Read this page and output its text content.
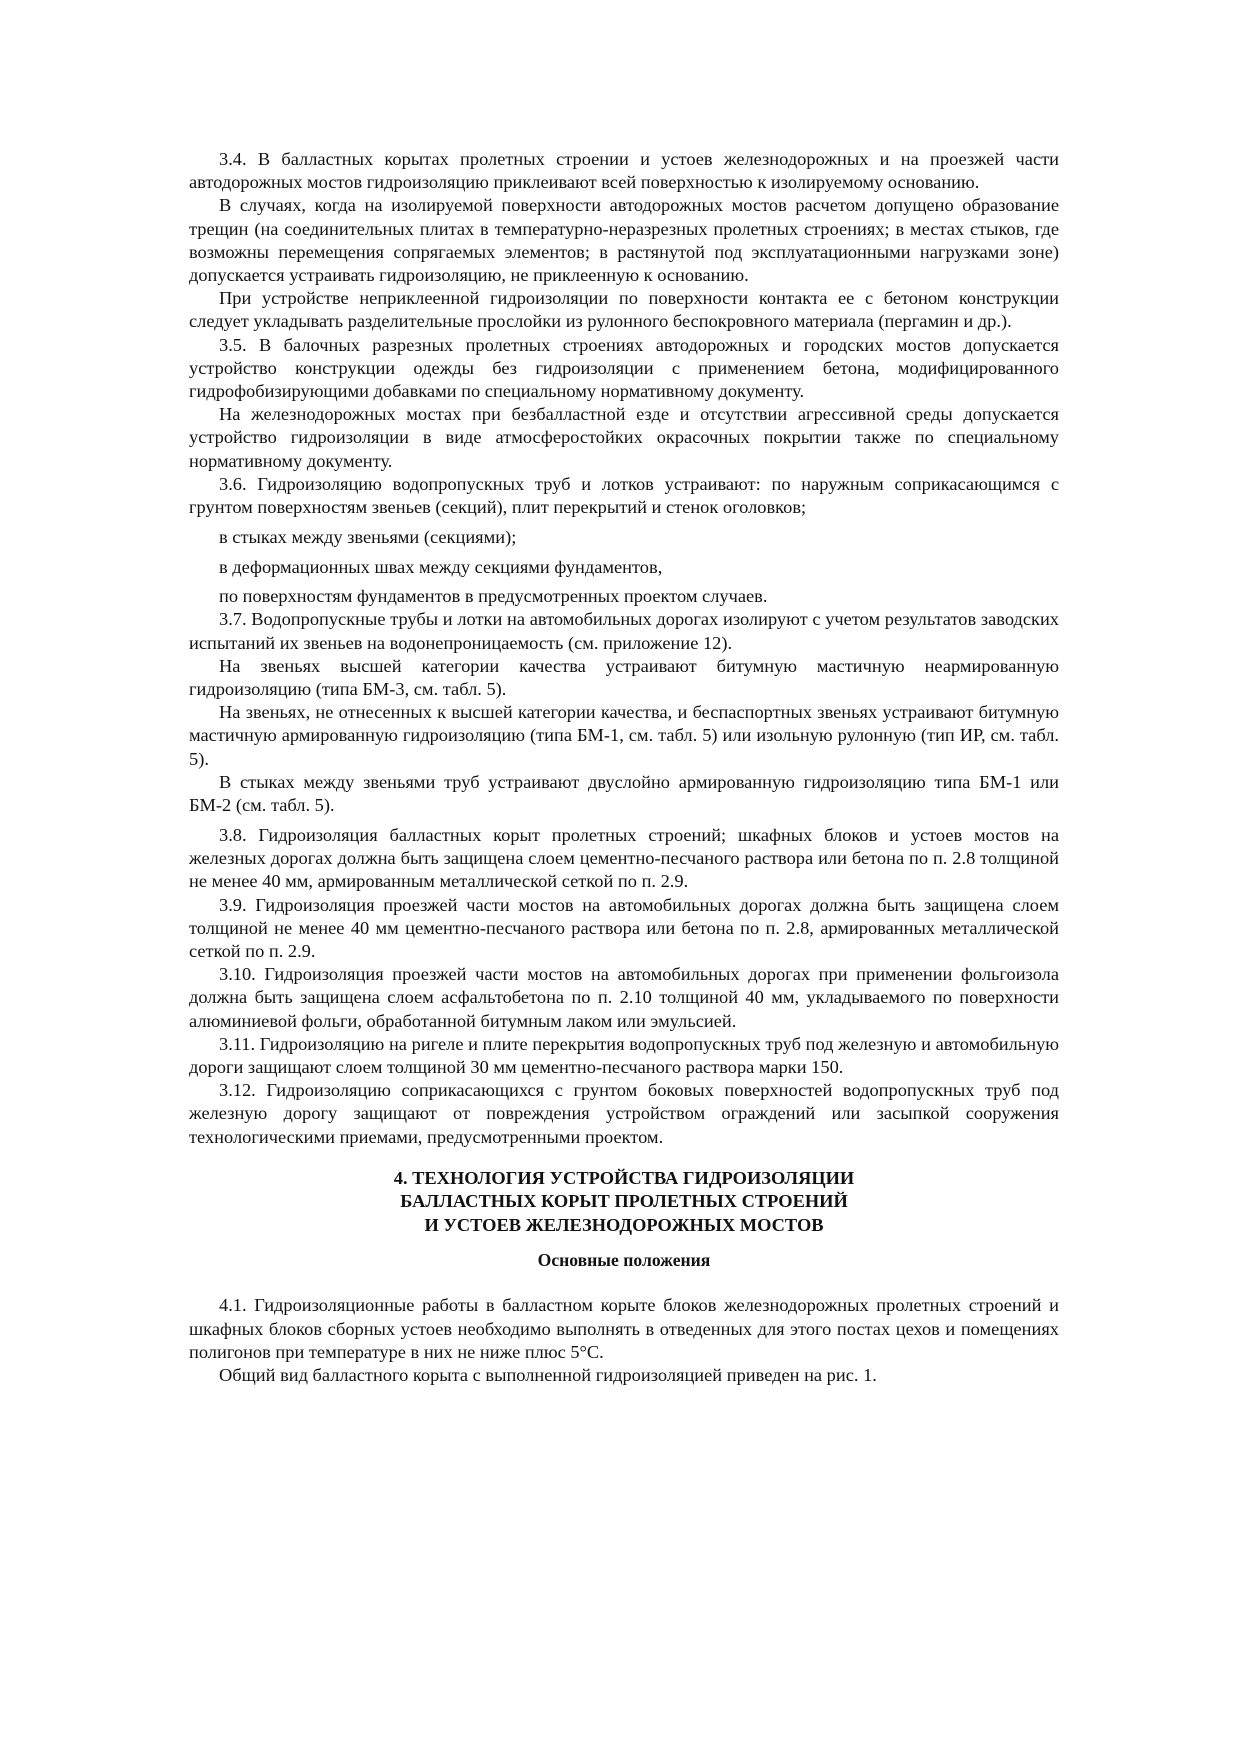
3.4. В балластных корытах пролетных строении и устоев железнодорожных и на проезжей части автодорожных мостов гидроизоляцию приклеивают всей поверхностью к изолируемому основанию.

В случаях, когда на изолируемой поверхности автодорожных мостов расчетом допущено образование трещин (на соединительных плитах в температурно-неразрезных пролетных строениях; в местах стыков, где возможны перемещения сопрягаемых элементов; в растянутой под эксплуатационными нагрузками зоне) допускается устраивать гидроизоляцию, не приклеенную к основанию.

При устройстве неприклеенной гидроизоляции по поверхности контакта ее с бетоном конструкции следует укладывать разделительные прослойки из рулонного беспокровного материала (пергамин и др.).

3.5. В балочных разрезных пролетных строениях автодорожных и городских мостов допускается устройство конструкции одежды без гидроизоляции с применением бетона, модифицированного гидрофобизирующими добавками по специальному нормативному документу.

На железнодорожных мостах при безбалластной езде и отсутствии агрессивной среды допускается устройство гидроизоляции в виде атмосферостойких окрасочных покрытии также по специальному нормативному документу.

3.6. Гидроизоляцию водопропускных труб и лотков устраивают: по наружным соприкасающимся с грунтом поверхностям звеньев (секций), плит перекрытий и стенок оголовков;

в стыках между звеньями (секциями);

в деформационных швах между секциями фундаментов,

по поверхностям фундаментов в предусмотренных проектом случаев.

3.7. Водопропускные трубы и лотки на автомобильных дорогах изолируют с учетом результатов заводских испытаний их звеньев на водонепроницаемость (см. приложение 12).

На звеньях высшей категории качества устраивают битумную мастичную неармированную гидроизоляцию (типа БМ-3, см. табл. 5).

На звеньях, не отнесенных к высшей категории качества, и беспаспортных звеньях устраивают битумную мастичную армированную гидроизоляцию (типа БМ-1, см. табл. 5) или изольную рулонную (тип ИР, см. табл. 5).

В стыках между звеньями труб устраивают двуслойно армированную гидроизоляцию типа БМ-1 или БМ-2 (см. табл. 5).

3.8. Гидроизоляция балластных корыт пролетных строений; шкафных блоков и устоев мостов на железных дорогах должна быть защищена слоем цементно-песчаного раствора или бетона по п. 2.8 толщиной не менее 40 мм, армированным металлической сеткой по п. 2.9.

3.9. Гидроизоляция проезжей части мостов на автомобильных дорогах должна быть защищена слоем толщиной не менее 40 мм цементно-песчаного раствора или бетона по п. 2.8, армированных металлической сеткой по п. 2.9.

3.10. Гидроизоляция проезжей части мостов на автомобильных дорогах при применении фольгоизола должна быть защищена слоем асфальтобетона по п. 2.10 толщиной 40 мм, укладываемого по поверхности алюминиевой фольги, обработанной битумным лаком или эмульсией.

3.11. Гидроизоляцию на ригеле и плите перекрытия водопропускных труб под железную и автомобильную дороги защищают слоем толщиной 30 мм цементно-песчаного раствора марки 150.

3.12. Гидроизоляцию соприкасающихся с грунтом боковых поверхностей водопропускных труб под железную дорогу защищают от повреждения устройством ограждений или засыпкой сооружения технологическими приемами, предусмотренными проектом.

4. ТЕХНОЛОГИЯ УСТРОЙСТВА ГИДРОИЗОЛЯЦИИ
БАЛЛАСТНЫХ КОРЫТ ПРОЛЕТНЫХ СТРОЕНИЙ
И УСТОЕВ ЖЕЛЕЗНОДОРОЖНЫХ МОСТОВ
Основные положения

4.1. Гидроизоляционные работы в балластном корыте блоков железнодорожных пролетных строений и шкафных блоков сборных устоев необходимо выполнять в отведенных для этого постах цехов и помещениях полигонов при температуре в них не ниже плюс 5°С.

Общий вид балластного корыта с выполненной гидроизоляцией приведен на рис. 1.
